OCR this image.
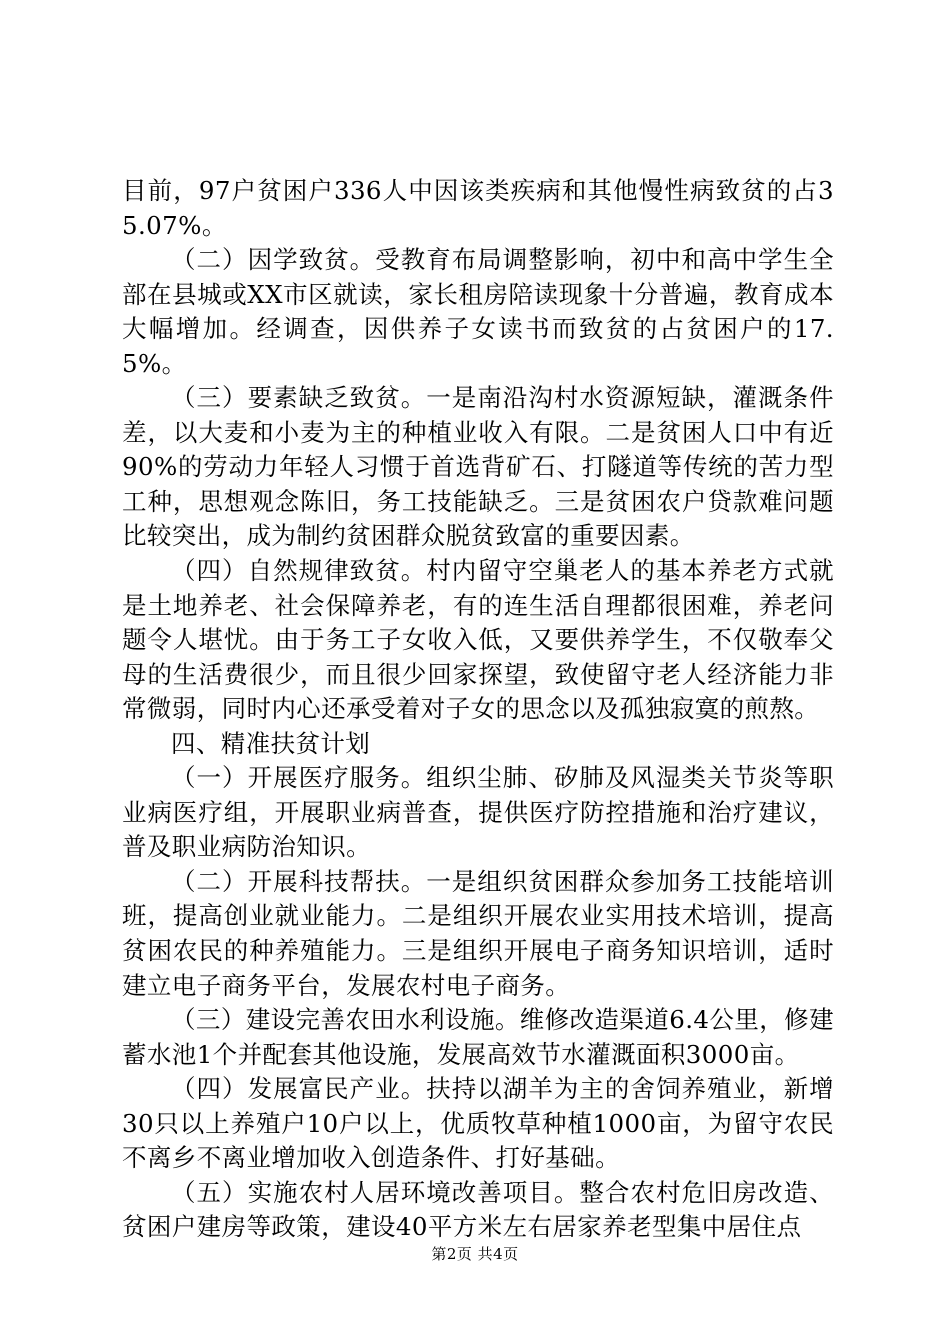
目前，97户贫困户336人中因该类疾病和其他慢性病致贫的占35.07%。

（二）因学致贫。受教育布局调整影响，初中和高中学生全部在县城或XX市区就读，家长租房陪读现象十分普遍，教育成本大幅增加。经调查，因供养子女读书而致贫的占贫困户的17.5%。

（三）要素缺乏致贫。一是南沿沟村水资源短缺，灌溉条件差，以大麦和小麦为主的种植业收入有限。二是贫困人口中有近90%的劳动力年轻人习惯于首选背矿石、打隧道等传统的苦力型工种，思想观念陈旧，务工技能缺乏。三是贫困农户贷款难问题比较突出，成为制约贫困群众脱贫致富的重要因素。

（四）自然规律致贫。村内留守空巢老人的基本养老方式就是土地养老、社会保障养老，有的连生活自理都很困难，养老问题令人堪忧。由于务工子女收入低，又要供养学生，不仅敬奉父母的生活费很少，而且很少回家探望，致使留守老人经济能力非常微弱，同时内心还承受着对子女的思念以及孤独寂寞的煎熬。

四、精准扶贫计划

（一）开展医疗服务。组织尘肺、矽肺及风湿类关节炎等职业病医疗组，开展职业病普查，提供医疗防控措施和治疗建议，普及职业病防治知识。

（二）开展科技帮扶。一是组织贫困群众参加务工技能培训班，提高创业就业能力。二是组织开展农业实用技术培训，提高贫困农民的种养殖能力。三是组织开展电子商务知识培训，适时建立电子商务平台，发展农村电子商务。

（三）建设完善农田水利设施。维修改造渠道6.4公里，修建蓄水池1个并配套其他设施，发展高效节水灌溉面积3000亩。

（四）发展富民产业。扶持以湖羊为主的舍饲养殖业，新增30只以上养殖户10户以上，优质牧草种植1000亩，为留守农民不离乡不离业增加收入创造条件、打好基础。

（五）实施农村人居环境改善项目。整合农村危旧房改造、贫困户建房等政策，建设40平方米左右居家养老型集中居住点

第2页 共4页
